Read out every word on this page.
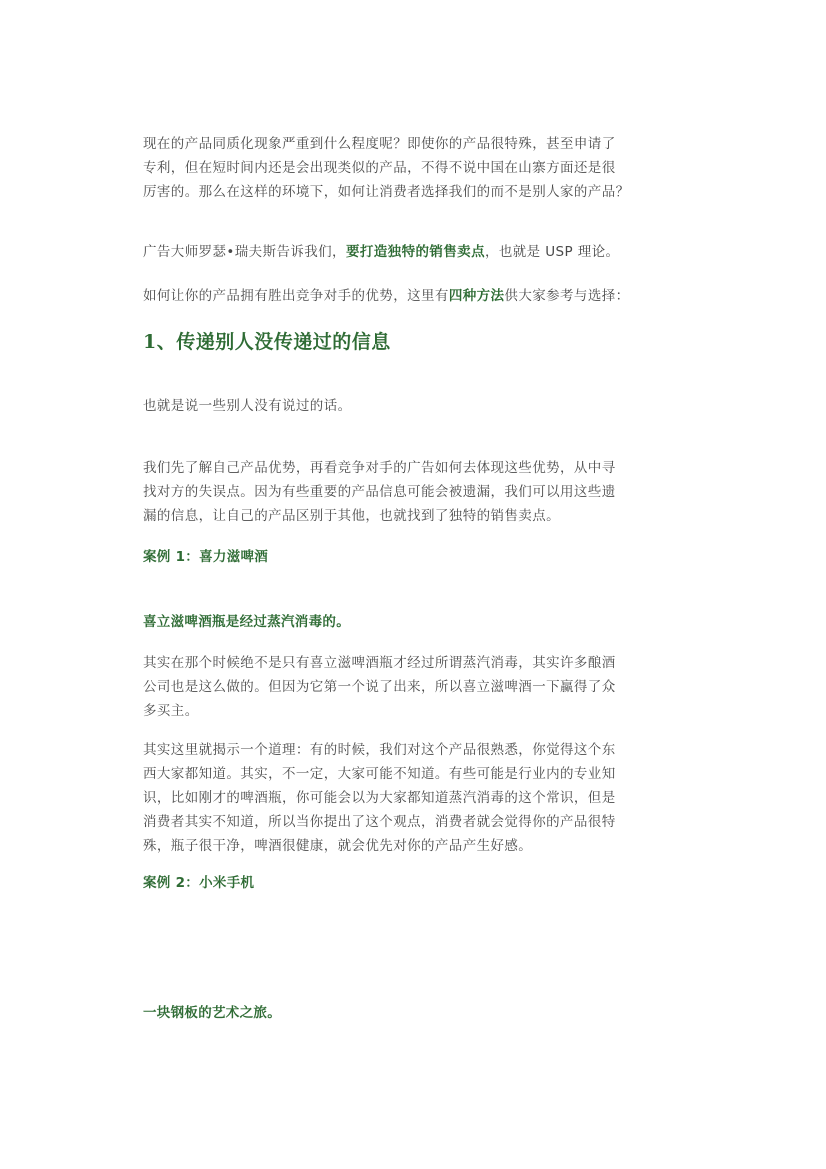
现在的产品同质化现象严重到什么程度呢？即使你的产品很特殊，甚至申请了
专利，但在短时间内还是会出现类似的产品，不得不说中国在山寨方面还是很
厉害的。那么在这样的环境下，如何让消费者选择我们的而不是别人家的产品？
广告大师罗瑟•瑞夫斯告诉我们，要打造独特的销售卖点，也就是 USP 理论。
如何让你的产品拥有胜出竞争对手的优势，这里有四种方法供大家参考与选择：
1、传递别人没传递过的信息
也就是说一些别人没有说过的话。
我们先了解自己产品优势，再看竞争对手的广告如何去体现这些优势，从中寻
找对方的失误点。因为有些重要的产品信息可能会被遗漏，我们可以用这些遗
漏的信息，让自己的产品区别于其他，也就找到了独特的销售卖点。
案例 1：喜力滋啤酒
喜立滋啤酒瓶是经过蒸汽消毒的。
其实在那个时候绝不是只有喜立滋啤酒瓶才经过所谓蒸汽消毒，其实许多酿酒
公司也是这么做的。但因为它第一个说了出来，所以喜立滋啤酒一下赢得了众
多买主。
其实这里就揭示一个道理：有的时候，我们对这个产品很熟悉，你觉得这个东
西大家都知道。其实，不一定，大家可能不知道。有些可能是行业内的专业知
识，比如刚才的啤酒瓶，你可能会以为大家都知道蒸汽消毒的这个常识，但是
消费者其实不知道，所以当你提出了这个观点，消费者就会觉得你的产品很特
殊，瓶子很干净，啤酒很健康，就会优先对你的产品产生好感。
案例 2：小米手机
一块钢板的艺术之旅。
